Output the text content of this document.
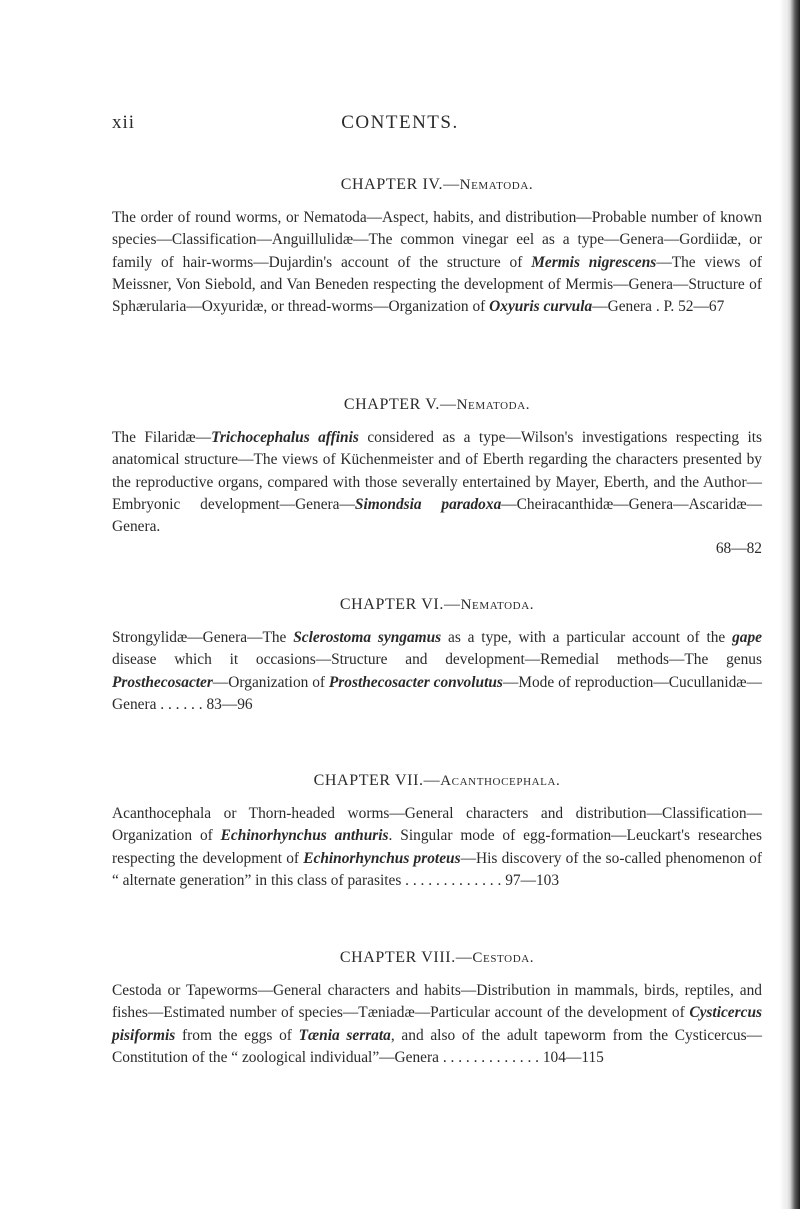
xii	CONTENTS.
CHAPTER IV.—Nematoda.
The order of round worms, or Nematoda—Aspect, habits, and distribution—Probable number of known species—Classification—Anguillulidæ—The common vinegar eel as a type—Genera—Gordiidæ, or family of hair-worms—Dujardin's account of the structure of Mermis nigrescens—The views of Meissner, Von Siebold, and Van Beneden respecting the development of Mermis—Genera—Structure of Sphærularia—Oxyuridæ, or thread-worms—Organization of Oxyuris curvula—Genera . P. 52—67
CHAPTER V.—Nematoda.
The Filaridæ—Trichocephalus affinis considered as a type—Wilson's investigations respecting its anatomical structure—The views of Küchenmeister and of Eberth regarding the characters presented by the reproductive organs, compared with those severally entertained by Mayer, Eberth, and the Author—Embryonic development—Genera—Simondsia paradoxa—Cheiracanthidæ—Genera—Ascaridæ—Genera.
68—82
CHAPTER VI.—Nematoda.
Strongylidæ—Genera—The Sclerostoma syngamus as a type, with a particular account of the gape disease which it occasions—Structure and development—Remedial methods—The genus Prosthecosacter—Organization of Prosthecosacter convolutus—Mode of reproduction—Cucullanidæ—Genera . . . . . . 83—96
CHAPTER VII.—Acanthocephala.
Acanthocephala or Thorn-headed worms—General characters and distribution—Classification—Organization of Echinorhynchus anthuris. Singular mode of egg-formation—Leuckart's researches respecting the development of Echinorhynchus proteus—His discovery of the so-called phenomenon of “ alternate generation” in this class of parasites . . . . . . . . . . . . . 97—103
CHAPTER VIII.—Cestoda.
Cestoda or Tapeworms—General characters and habits—Distribution in mammals, birds, reptiles, and fishes—Estimated number of species—Tæniadæ—Particular account of the development of Cysticercus pisiformis from the eggs of Tænia serrata, and also of the adult tapeworm from the Cysticercus—Constitution of the “ zoological individual”—Genera . . . . . . . . . . . . . 104—115
